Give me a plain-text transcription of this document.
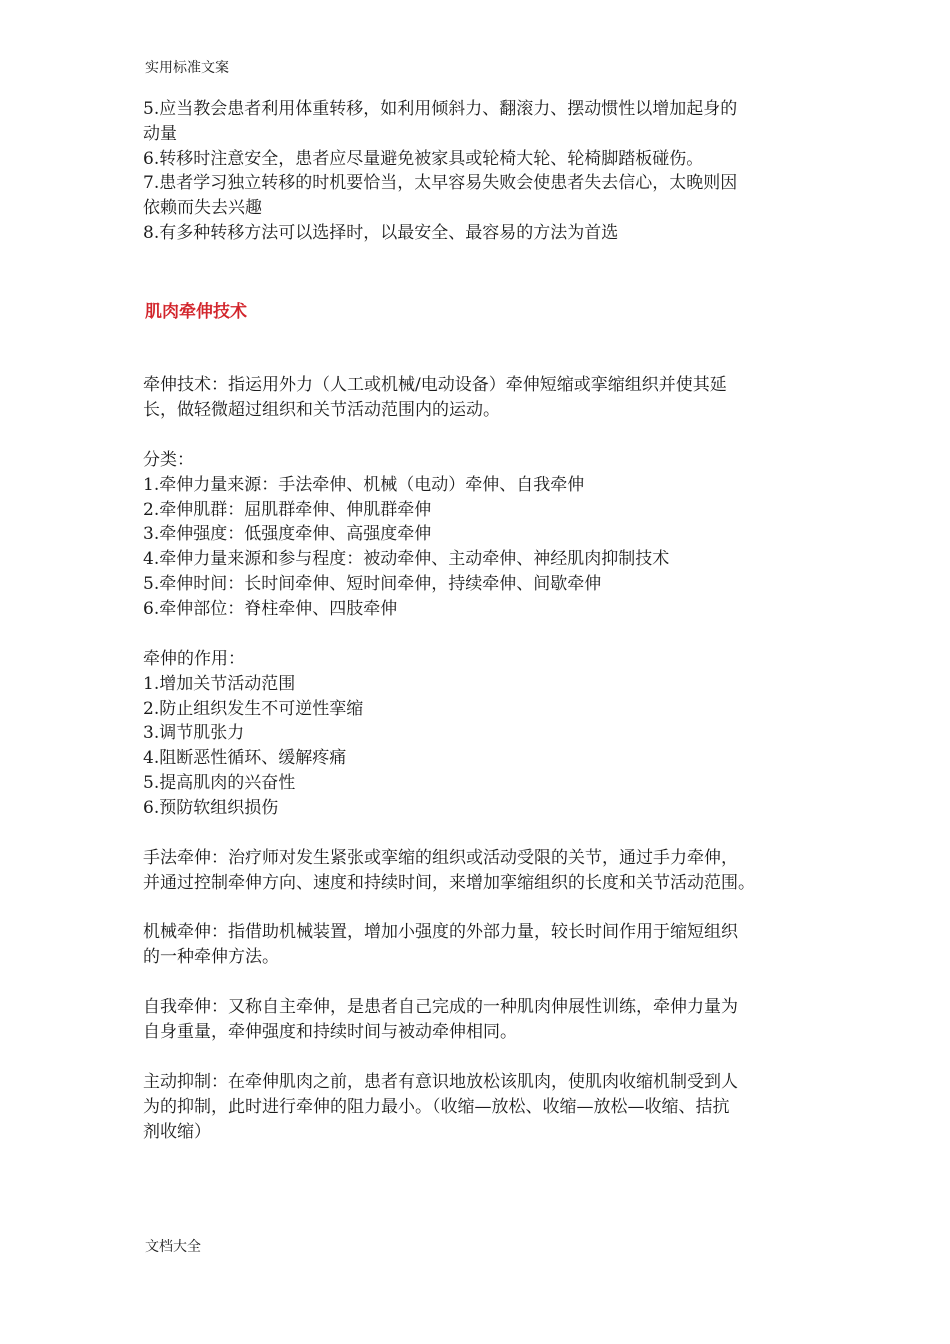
实用标准文案
5.应当教会患者利用体重转移，如利用倾斜力、翻滚力、摆动惯性以增加起身的
动量
6.转移时注意安全，患者应尽量避免被家具或轮椅大轮、轮椅脚踏板碰伤。
7.患者学习独立转移的时机要恰当，太早容易失败会使患者失去信心，太晚则因
依赖而失去兴趣
8.有多种转移方法可以选择时，以最安全、最容易的方法为首选
肌肉牵伸技术
牵伸技术：指运用外力（人工或机械/电动设备）牵伸短缩或挛缩组织并使其延
长，做轻微超过组织和关节活动范围内的运动。
分类：
1.牵伸力量来源：手法牵伸、机械（电动）牵伸、自我牵伸
2.牵伸肌群：屈肌群牵伸、伸肌群牵伸
3.牵伸强度：低强度牵伸、高强度牵伸
4.牵伸力量来源和参与程度：被动牵伸、主动牵伸、神经肌肉抑制技术
5.牵伸时间：长时间牵伸、短时间牵伸，持续牵伸、间歇牵伸
6.牵伸部位：脊柱牵伸、四肢牵伸
牵伸的作用：
1.增加关节活动范围
2.防止组织发生不可逆性挛缩
3.调节肌张力
4.阻断恶性循环、缓解疼痛
5.提高肌肉的兴奋性
6.预防软组织损伤
手法牵伸：治疗师对发生紧张或挛缩的组织或活动受限的关节，通过手力牵伸，
并通过控制牵伸方向、速度和持续时间，来增加挛缩组织的长度和关节活动范围。
机械牵伸：指借助机械装置，增加小强度的外部力量，较长时间作用于缩短组织
的一种牵伸方法。
自我牵伸：又称自主牵伸，是患者自己完成的一种肌肉伸展性训练，牵伸力量为
自身重量，牵伸强度和持续时间与被动牵伸相同。
主动抑制：在牵伸肌肉之前，患者有意识地放松该肌肉，使肌肉收缩机制受到人
为的抑制，此时进行牵伸的阻力最小。（收缩—放松、收缩—放松—收缩、拮抗
剂收缩）
文档大全
